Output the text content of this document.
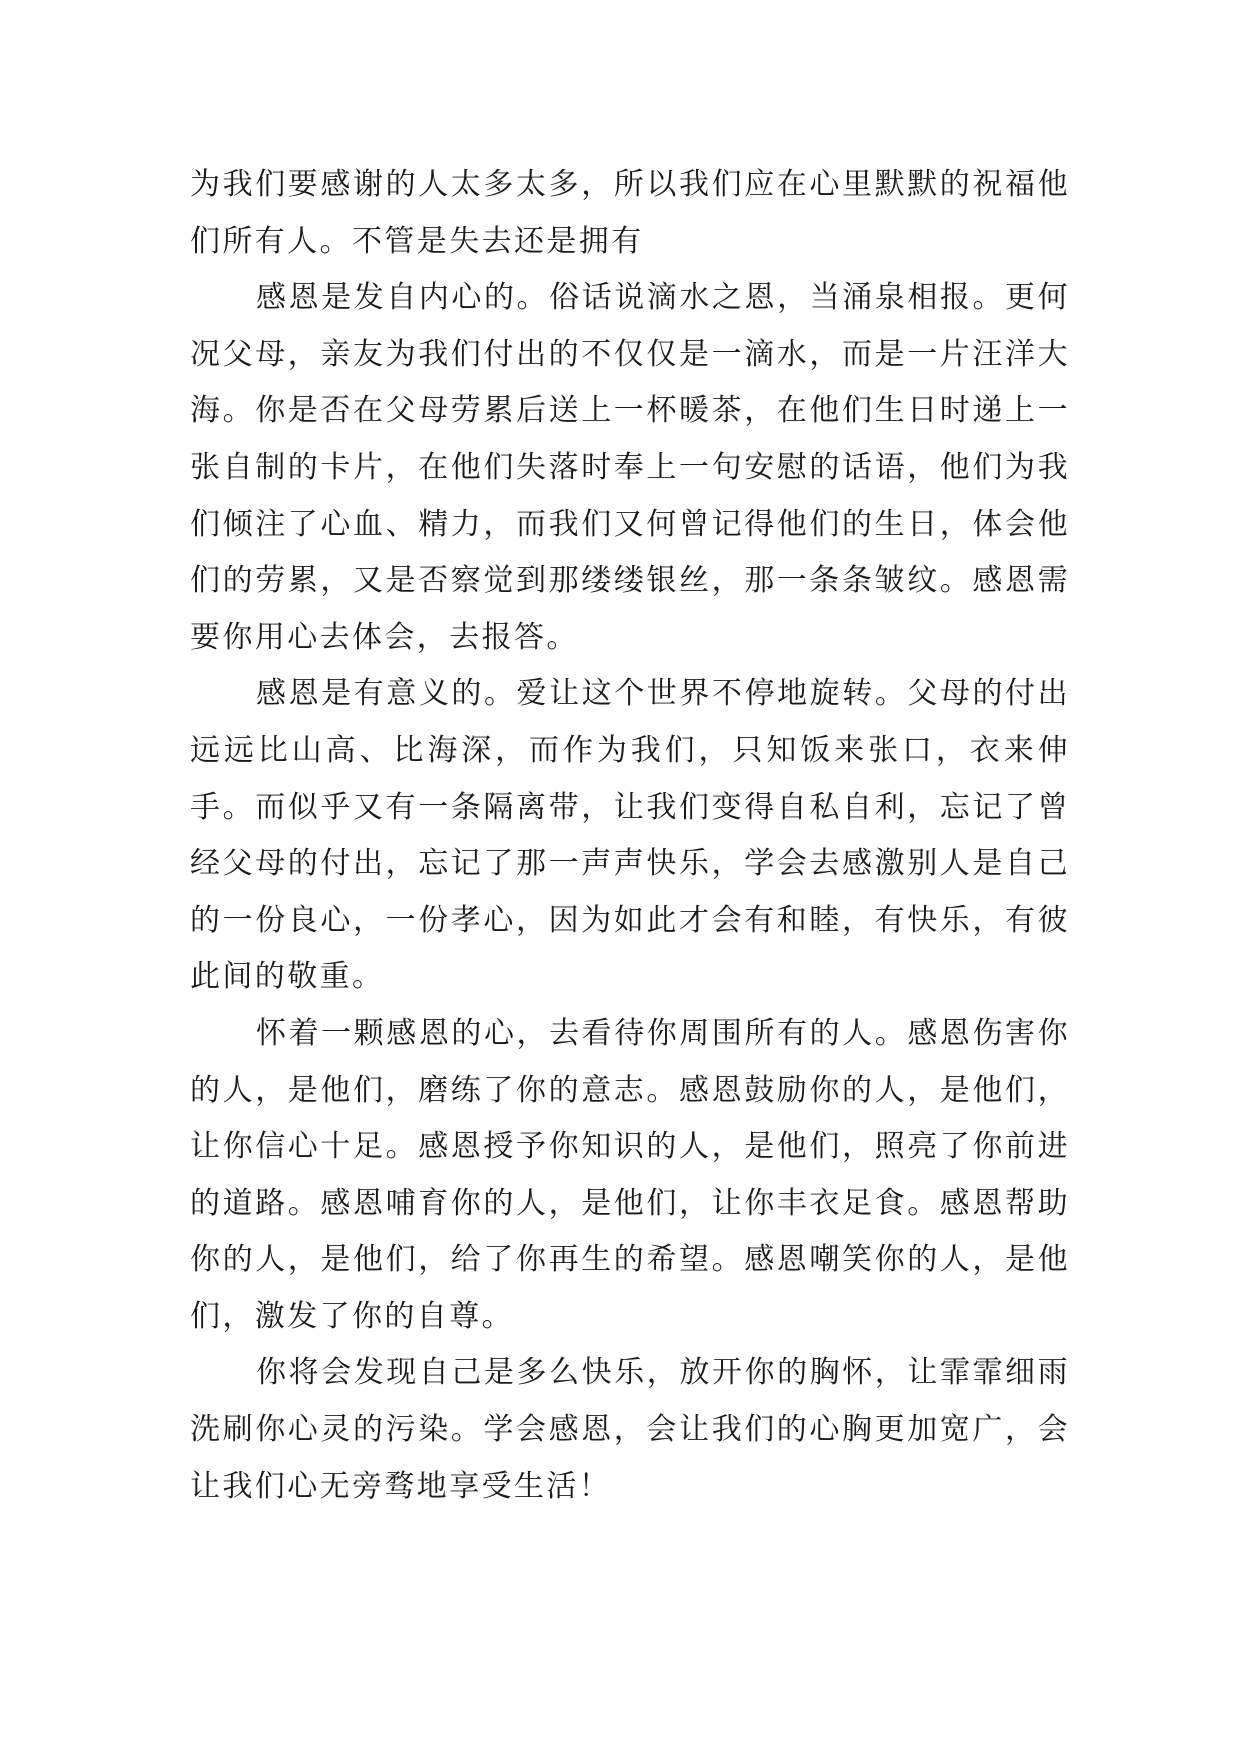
为我们要感谢的人太多太多，所以我们应在心里默默的祝福他们所有人。不管是失去还是拥有

感恩是发自内心的。俗话说滴水之恩，当涌泉相报。更何况父母，亲友为我们付出的不仅仅是一滴水，而是一片汪洋大海。你是否在父母劳累后送上一杯暖茶，在他们生日时递上一张自制的卡片，在他们失落时奉上一句安慰的话语，他们为我们倾注了心血、精力，而我们又何曾记得他们的生日，体会他们的劳累，又是否察觉到那缕缕银丝，那一条条皱纹。感恩需要你用心去体会，去报答。

感恩是有意义的。爱让这个世界不停地旋转。父母的付出远远比山高、比海深，而作为我们，只知饭来张口，衣来伸手。而似乎又有一条隔离带，让我们变得自私自利，忘记了曾经父母的付出，忘记了那一声声快乐，学会去感激别人是自己的一份良心，一份孝心，因为如此才会有和睦，有快乐，有彼此间的敬重。

怀着一颗感恩的心，去看待你周围所有的人。感恩伤害你的人，是他们，磨练了你的意志。感恩鼓励你的人，是他们，让你信心十足。感恩授予你知识的人，是他们，照亮了你前进的道路。感恩哺育你的人，是他们，让你丰衣足食。感恩帮助你的人，是他们，给了你再生的希望。感恩嘲笑你的人，是他们，激发了你的自尊。

你将会发现自己是多么快乐，放开你的胸怀，让霏霏细雨洗刷你心灵的污染。学会感恩，会让我们的心胸更加宽广，会让我们心无旁骛地享受生活！
